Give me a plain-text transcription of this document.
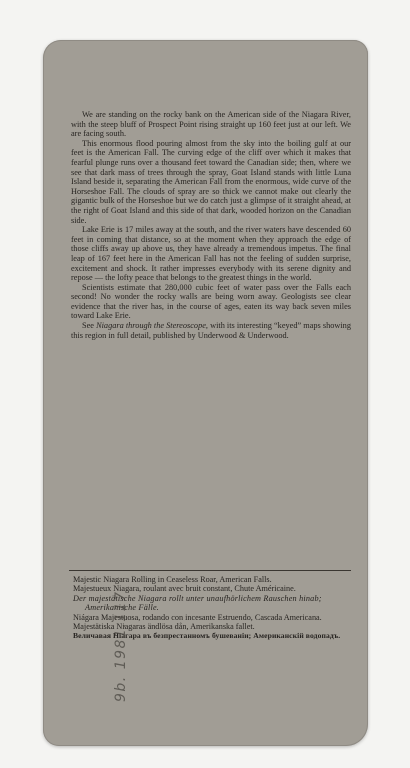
We are standing on the rocky bank on the American side of the Niagara River, with the steep bluff of Prospect Point rising straight up 160 feet just at our left. We are facing south.

This enormous flood pouring almost from the sky into the boiling gulf at our feet is the American Fall. The curving edge of the cliff over which it makes that fearful plunge runs over a thousand feet toward the Canadian side; then, where we see that dark mass of trees through the spray, Goat Island stands with little Luna Island beside it, separating the American Fall from the enormous, wide curve of the Horseshoe Fall. The clouds of spray are so thick we cannot make out clearly the gigantic bulk of the Horseshoe but we do catch just a glimpse of it straight ahead, at the right of Goat Island and this side of that dark, wooded horizon on the Canadian side.

Lake Erie is 17 miles away at the south, and the river waters have descended 60 feet in coming that distance, so at the moment when they approach the edge of those cliffs away up above us, they have already a tremendous impetus. The final leap of 167 feet here in the American Fall has not the feeling of sudden surprise, excitement and shock. It rather impresses everybody with its serene dignity and repose — the lofty peace that belongs to the greatest things in the world.

Scientists estimate that 280,000 cubic feet of water pass over the Falls each second! No wonder the rocky walls are being worn away. Geologists see clear evidence that the river has, in the course of ages, eaten its way back seven miles toward Lake Erie.

See Niagara through the Stereoscope, with its interesting “keyed” maps showing this region in full detail, published by Underwood & Underwood.

Majestic Niagara Rolling in Ceaseless Roar, American Falls.

Majestueux Niagara, roulant avec bruit constant, Chute Américaine.

Der majestätische Niagara rollt unter unaufhörlichem Rauschen hinab; Amerikanische Fälle.

Niágara Majestuosa, rodando con incesante Estruendo, Cascada Americana.

Majestätiska Niagaras ändlösa dån, Amerikanska fallet.

Величавая Ніагара въ безпрестанномъ бушеваніи; Американскій водопадъ.

9b. 1981.117
